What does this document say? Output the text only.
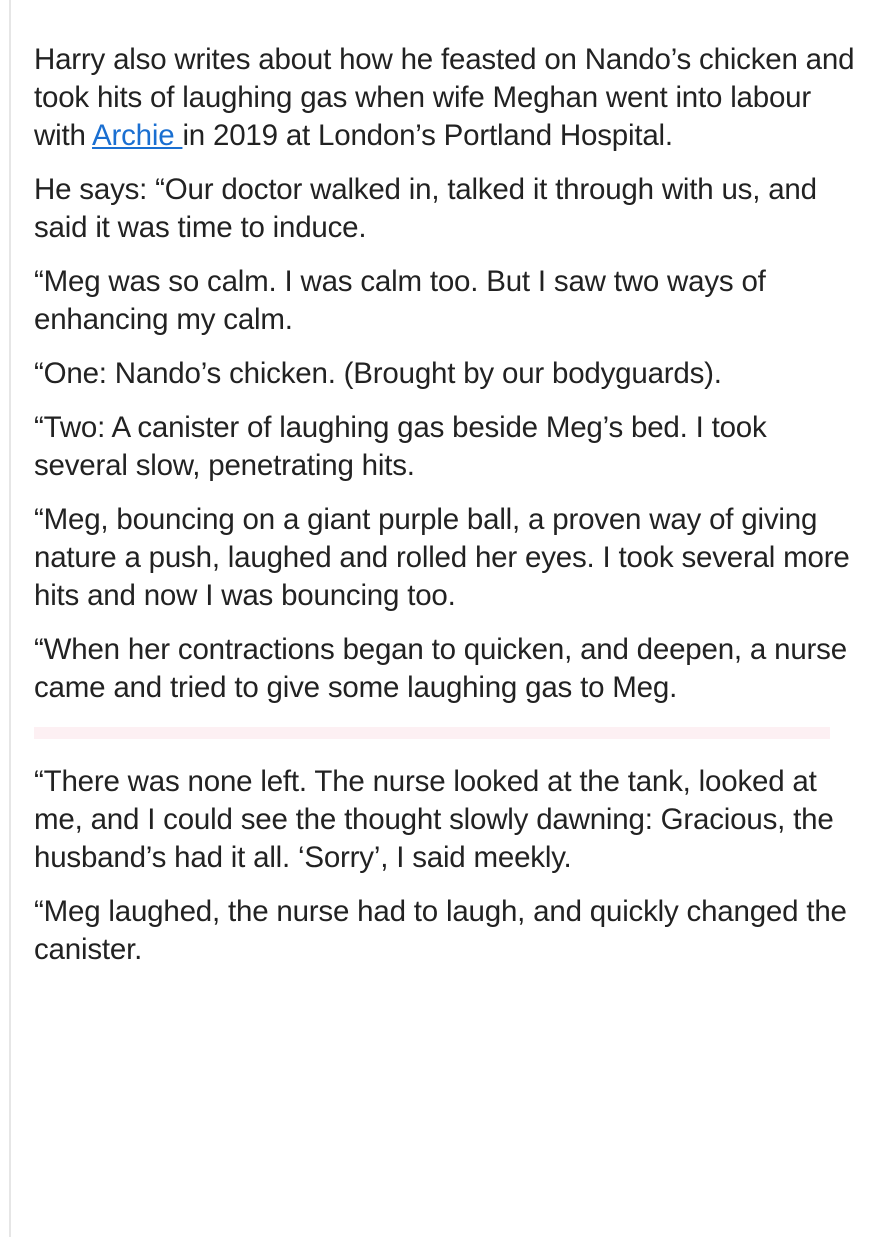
Harry also writes about how he feasted on Nando’s chicken and took hits of laughing gas when wife Meghan went into labour with Archie in 2019 at London’s Portland Hospital.

He says: “Our doctor walked in, talked it through with us, and said it was time to induce.

“Meg was so calm. I was calm too. But I saw two ways of enhancing my calm.

“One: Nando’s chicken. (Brought by our bodyguards).

“Two: A canister of laughing gas beside Meg’s bed. I took several slow, penetrating hits.

“Meg, bouncing on a giant purple ball, a proven way of giving nature a push, laughed and rolled her eyes. I took several more hits and now I was bouncing too.

“When her contractions began to quicken, and deepen, a nurse came and tried to give some laughing gas to Meg.

“There was none left. The nurse looked at the tank, looked at me, and I could see the thought slowly dawning: Gracious, the husband’s had it all. ‘Sorry’, I said meekly.

“Meg laughed, the nurse had to laugh, and quickly changed the canister.
